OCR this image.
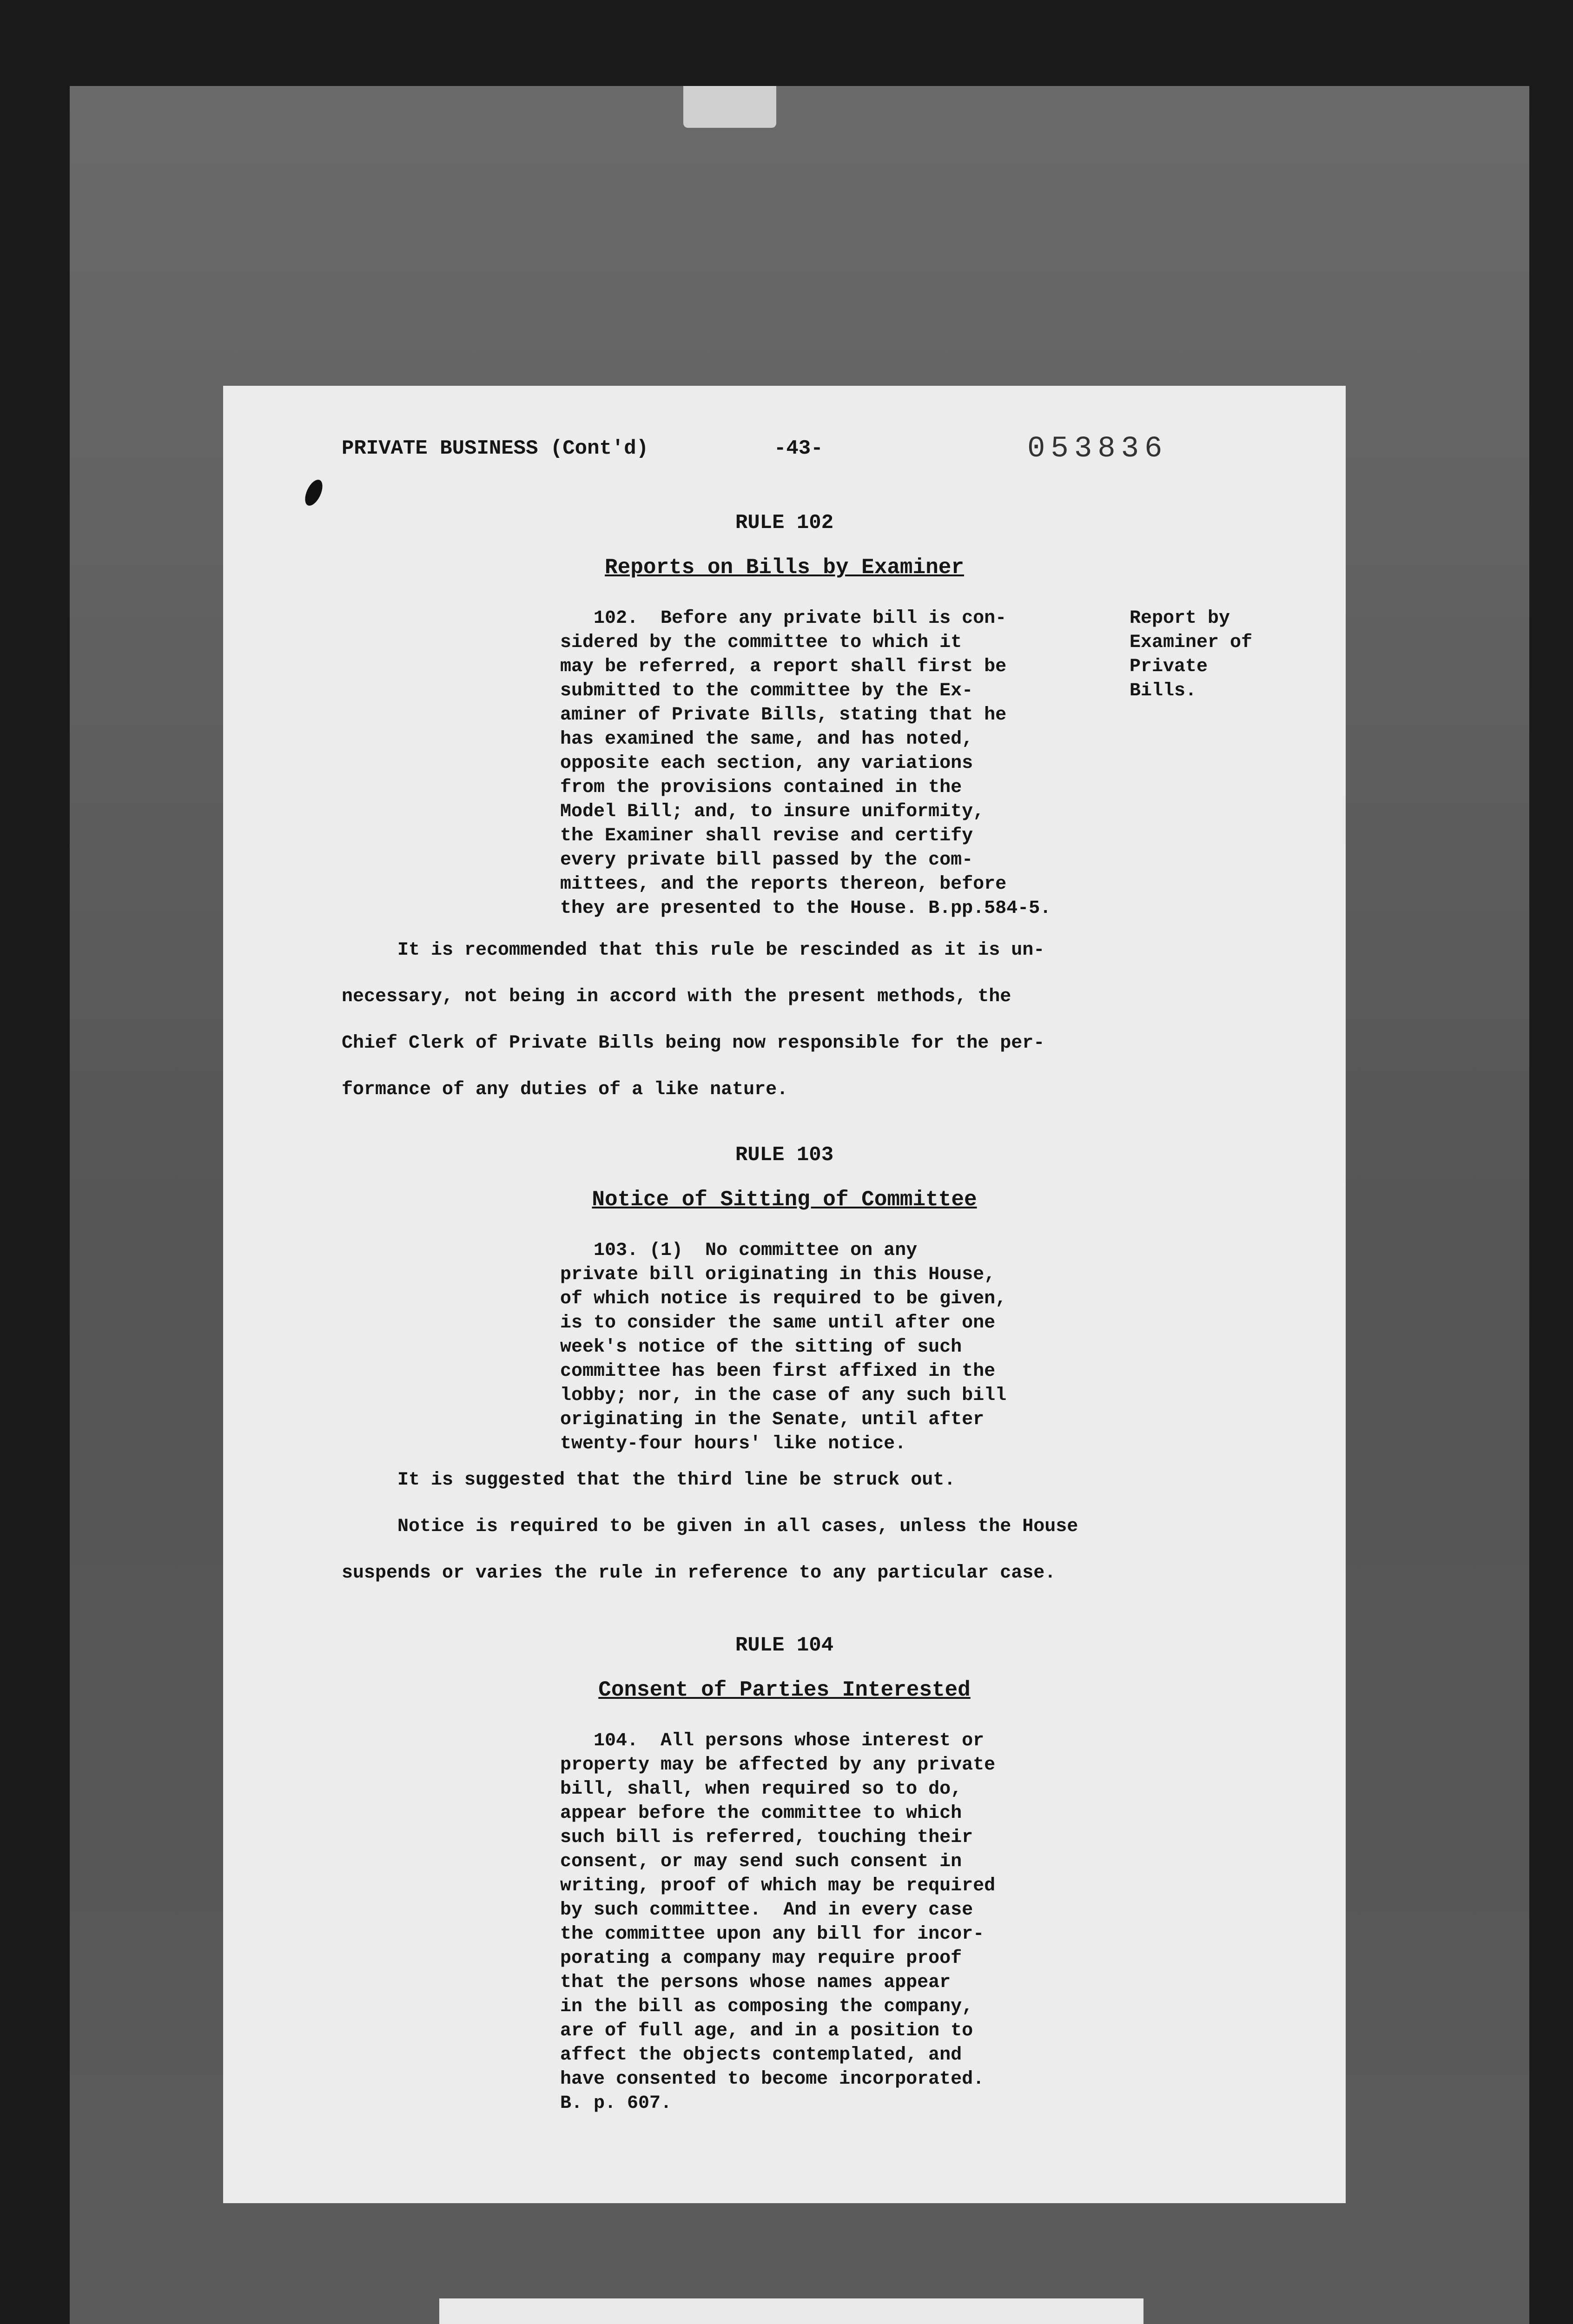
PRIVATE BUSINESS (Cont'd)	-43-	053836
RULE 102
Reports on Bills by Examiner
102.  Before any private bill is con-
sidered by the committee to which it
may be referred, a report shall first be
submitted to the committee by the Ex-
aminer of Private Bills, stating that he
has examined the same, and has noted,
opposite each section, any variations
from the provisions contained in the
Model Bill; and, to insure uniformity,
the Examiner shall revise and certify
every private bill passed by the com-
mittees, and the reports thereon, before
they are presented to the House. B.pp.584-5.
Report by
Examiner of
Private
Bills.
It is recommended that this rule be rescinded as it is un-
necessary, not being in accord with the present methods, the
Chief Clerk of Private Bills being now responsible for the per-
formance of any duties of a like nature.
RULE 103
Notice of Sitting of Committee
103. (1)  No committee on any
private bill originating in this House,
of which notice is required to be given,
is to consider the same until after one
week's notice of the sitting of such
committee has been first affixed in the
lobby; nor, in the case of any such bill
originating in the Senate, until after
twenty-four hours' like notice.
It is suggested that the third line be struck out.
Notice is required to be given in all cases, unless the House
suspends or varies the rule in reference to any particular case.
RULE 104
Consent of Parties Interested
104.  All persons whose interest or
property may be affected by any private
bill, shall, when required so to do,
appear before the committee to which
such bill is referred, touching their
consent, or may send such consent in
writing, proof of which may be required
by such committee.  And in every case
the committee upon any bill for incor-
porating a company may require proof
that the persons whose names appear
in the bill as composing the company,
are of full age, and in a position to
affect the objects contemplated, and
have consented to become incorporated.
B. p. 607.
